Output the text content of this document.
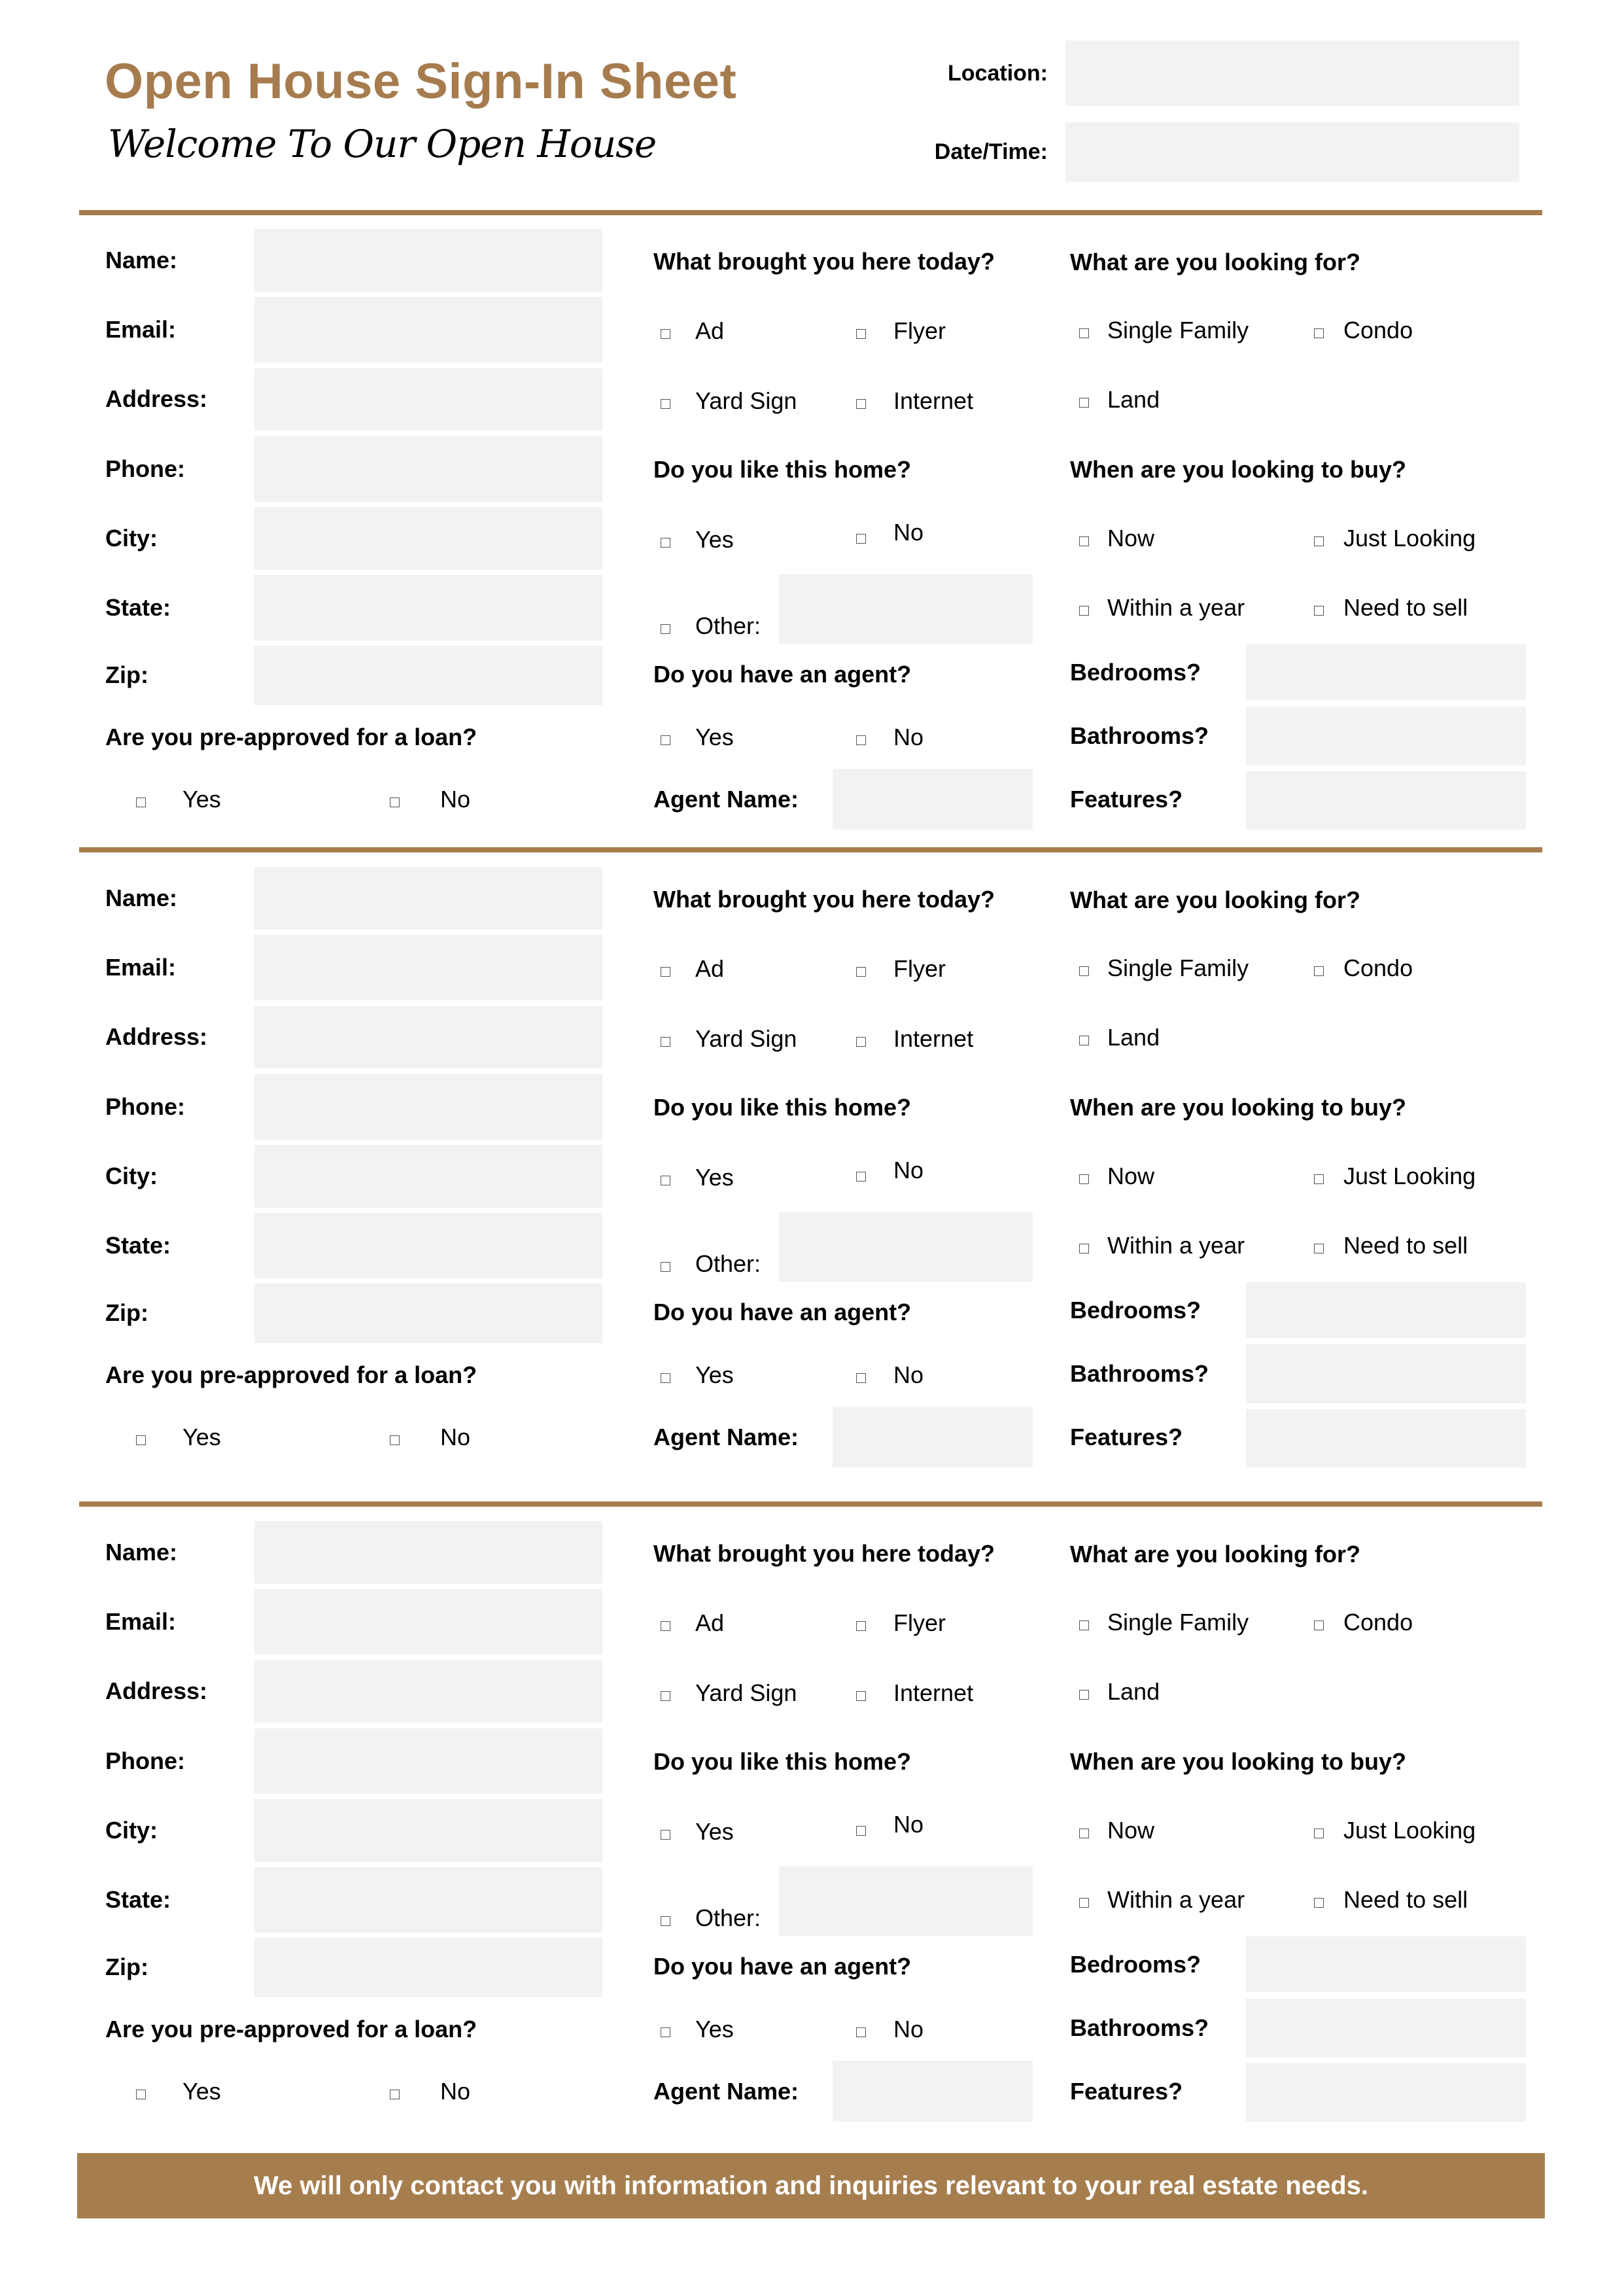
Open House Sign-In Sheet
Welcome To Our Open House
Location:
Date/Time:
Name:
Email:
Address:
Phone:
City:
State:
Zip:
Are you pre-approved for a loan?
Yes	No
What brought you here today?
Ad	Flyer
Yard Sign	Internet
Do you like this home?
Yes	No
Other:
Do you have an agent?
Yes	No
Agent Name:
What are you looking for?
Single Family	Condo
Land
When are you looking to buy?
Now	Just Looking
Within a year	Need to sell
Bedrooms?
Bathrooms?
Features?
Name:
Email:
Address:
Phone:
City:
State:
Zip:
Are you pre-approved for a loan?
Yes	No
What brought you here today?
Ad	Flyer
Yard Sign	Internet
Do you like this home?
Yes	No
Other:
Do you have an agent?
Yes	No
Agent Name:
What are you looking for?
Single Family	Condo
Land
When are you looking to buy?
Now	Just Looking
Within a year	Need to sell
Bedrooms?
Bathrooms?
Features?
Name:
Email:
Address:
Phone:
City:
State:
Zip:
Are you pre-approved for a loan?
Yes	No
What brought you here today?
Ad	Flyer
Yard Sign	Internet
Do you like this home?
Yes	No
Other:
Do you have an agent?
Yes	No
Agent Name:
What are you looking for?
Single Family	Condo
Land
When are you looking to buy?
Now	Just Looking
Within a year	Need to sell
Bedrooms?
Bathrooms?
Features?
We will only contact you with information and inquiries relevant to your real estate needs.
